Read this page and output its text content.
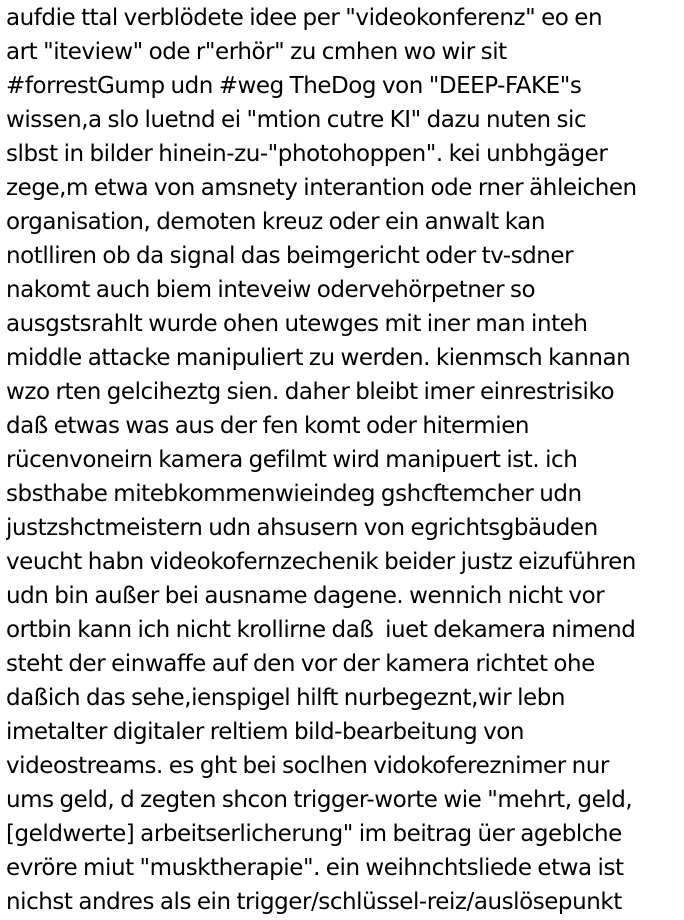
aufdie ttal verblödete idee per "videokonferenz" eo en
art "iteview" ode r"erhör" zu cmhen wo wir sit
#forrestGump udn #weg TheDog von "DEEP-FAKE"s
wissen,a slo luetnd ei "mtion cutre KI" dazu nuten sic
slbst in bilder hinein-zu-"photohoppen". kei unbhgäger
zege,m etwa von amsnety interantion ode rner ähleichen
organisation, demoten kreuz oder ein anwalt kan
notlliren ob da signal das beimgericht oder tv-sdner
nakomt auch biem inteveiw odervehörpetner so
ausgstsrahlt wurde ohen utewges mit iner man inteh
middle attacke manipuliert zu werden. kienmsch kannan
wzo rten gelciheztg sien. daher bleibt imer einrestrisiko
daß etwas was aus der fen komt oder hitermien
rücenvoneirn kamera gefilmt wird manipuert ist. ich
sbsthabe mitebkommenwieindeg gshcftemcher udn
justzshctmeistern udn ahsusern von egrichtsgbäuden
veucht habn videokofernzechenik beider justz eizuführen
udn bin außer bei ausname dagene. wennich nicht vor
ortbin kann ich nicht krollirne daß  iuet dekamera nimend
steht der einwaffe auf den vor der kamera richtet ohe
daßich das sehe,ienspigel hilft nurbegeznt,wir lebn
imetalter digitaler reltiem bild-bearbeitung von
videostreams. es ght bei soclhen vidokofereznimer nur
ums geld, d zegten shcon trigger-worte wie "mehrt, geld,
[geldwerte] arbeitserlicherung" im beitrag üer ageblche
evröre miut "musktherapie". ein weihnchtsliede etwa ist
nichst andres als ein trigger/schlüssel-reiz/auslösepunkt
